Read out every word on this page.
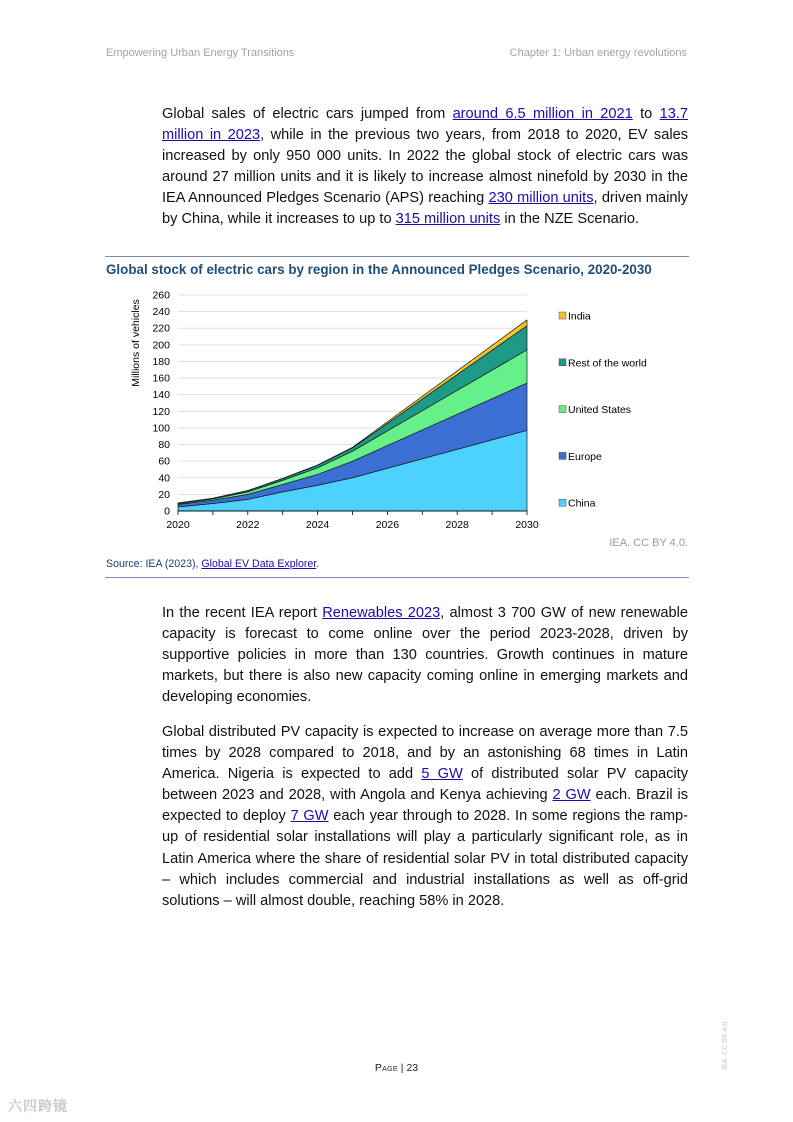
Empowering Urban Energy Transitions	Chapter 1: Urban energy revolutions

Global sales of electric cars jumped from around 6.5 million in 2021 to 13.7 million in 2023, while in the previous two years, from 2018 to 2020, EV sales increased by only 950 000 units. In 2022 the global stock of electric cars was around 27 million units and it is likely to increase almost ninefold by 2030 in the IEA Announced Pledges Scenario (APS) reaching 230 million units, driven mainly by China, while it increases to up to 315 million units in the NZE Scenario.

Global stock of electric cars by region in the Announced Pledges Scenario, 2020-2030
0
20
40
60
80
100
120
140
160
180
200
220
240
260
2020	2022	2024	2026	2028	2030
Millions of vehicles	India
Rest of the world
United States
Europe
China
IEA. CC BY 4.0.
Source: IEA (2023), Global EV Data Explorer.

In the recent IEA report Renewables 2023, almost 3 700 GW of new renewable capacity is forecast to come online over the period 2023-2028, driven by supportive policies in more than 130 countries. Growth continues in mature markets, but there is also new capacity coming online in emerging markets and developing economies.

Global distributed PV capacity is expected to increase on average more than 7.5 times by 2028 compared to 2018, and by an astonishing 68 times in Latin America. Nigeria is expected to add 5 GW of distributed solar PV capacity between 2023 and 2028, with Angola and Kenya achieving 2 GW each. Brazil is expected to deploy 7 GW each year through to 2028. In some regions the ramp-up of residential solar installations will play a particularly significant role, as in Latin America where the share of residential solar PV in total distributed capacity – which includes commercial and industrial installations as well as off-grid solutions – will almost double, reaching 58% in 2028.

Page | 23	IEA. CC BY 4.0.
六四跨镜
